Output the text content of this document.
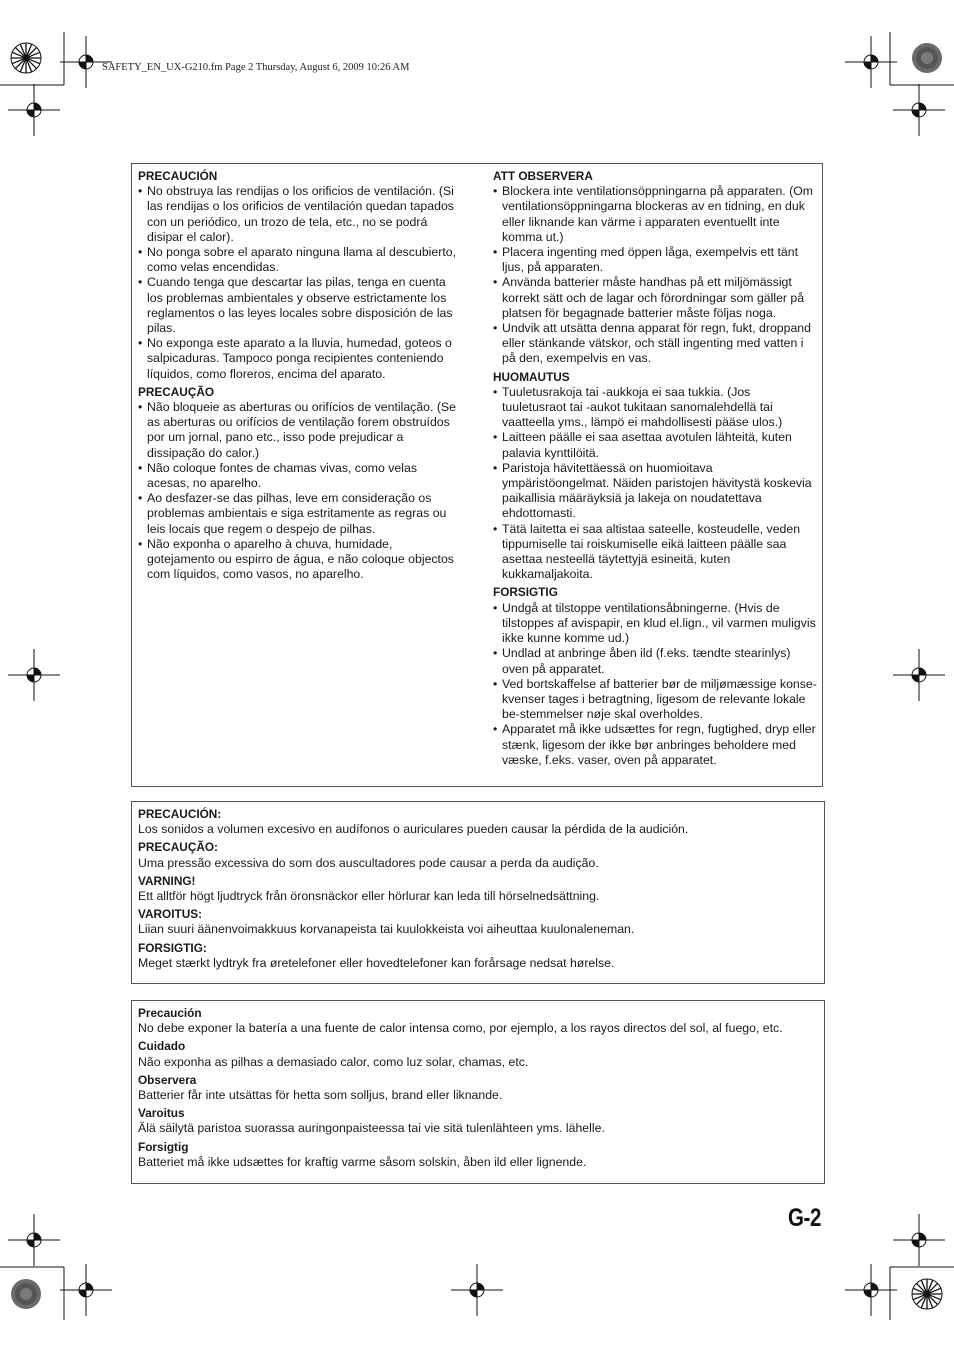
SAFETY_EN_UX-G210.fm Page 2 Thursday, August 6, 2009 10:26 AM

PRECAUCIÓN

• No obstruya las rendijas o los orificios de ventilación. (Si las rendijas o los orificios de ventilación quedan tapados con un periódico, un trozo de tela, etc., no se podrá disipar el calor).

• No ponga sobre el aparato ninguna llama al descubierto, como velas encendidas.

• Cuando tenga que descartar las pilas, tenga en cuenta los problemas ambientales y observe estrictamente los reglamentos o las leyes locales sobre disposición de las pilas.

• No exponga este aparato a la lluvia, humedad, goteos o salpicaduras. Tampoco ponga recipientes conteniendo líquidos, como floreros, encima del aparato.

PRECAUÇÃO

• Não bloqueie as aberturas ou orifícios de ventilação. (Se as aberturas ou orifícios de ventilação forem obstruídos por um jornal, pano etc., isso pode prejudicar a dissipação do calor.)

• Não coloque fontes de chamas vivas, como velas acesas, no aparelho.

• Ao desfazer-se das pilhas, leve em consideração os problemas ambientais e siga estritamente as regras ou leis locais que regem o despejo de pilhas.

• Não exponha o aparelho à chuva, humidade, gotejamento ou espirro de água, e não coloque objectos com líquidos, como vasos, no aparelho.

ATT OBSERVERA

• Blockera inte ventilationsöppningarna på apparaten. (Om ventilationsöppningarna blockeras av en tidning, en duk eller liknande kan värme i apparaten eventuellt inte komma ut.)

• Placera ingenting med öppen låga, exempelvis ett tänt ljus, på apparaten.

• Använda batterier måste handhas på ett miljömässigt korrekt sätt och de lagar och förordningar som gäller på platsen för begagnade batterier måste följas noga.

• Undvik att utsätta denna apparat för regn, fukt, droppand eller stänkande vätskor, och ställ ingenting med vatten i på den, exempelvis en vas.

HUOMAUTUS

• Tuuletusrakoja tai -aukkoja ei saa tukkia. (Jos tuuletusraot tai -aukot tukitaan sanomalehdellä tai vaatteella yms., lämpö ei mahdollisesti pääse ulos.)

• Laitteen päälle ei saa asettaa avotulen lähteitä, kuten palavia kynttilöitä.

• Paristoja hävitettäessä on huomioitava ympäristöongelmat. Näiden paristojen hävitystä koskevia paikallisia määräyksiä ja lakeja on noudatettava ehdottomasti.

• Tätä laitetta ei saa altistaa sateelle, kosteudelle, veden tippumiselle tai roiskumiselle eikä laitteen päälle saa asettaa nesteellä täytettyjä esineitä, kuten kukkamaljakoita.

FORSIGTIG

• Undgå at tilstoppe ventilationsåbningerne. (Hvis de tilstoppes af avispapir, en klud el.lign., vil varmen muligvis ikke kunne komme ud.)

• Undlad at anbringe åben ild (f.eks. tændte stearinlys) oven på apparatet.

• Ved bortskaffelse af batterier bør de miljømæssige konse-kvenser tages i betragtning, ligesom de relevante lokale be-stemmelser nøje skal overholdes.

• Apparatet må ikke udsættes for regn, fugtighed, dryp eller stænk, ligesom der ikke bør anbringes beholdere med væske, f.eks. vaser, oven på apparatet.

PRECAUCIÓN:

Los sonidos a volumen excesivo en audífonos o auriculares pueden causar la pérdida de la audición.

PRECAUÇÃO:

Uma pressão excessiva do som dos auscultadores pode causar a perda da audição.

VARNING!

Ett alltför högt ljudtryck från öronsnäckor eller hörlurar kan leda till hörselnedsättning.

VAROITUS:

Liian suuri äänenvoimakkuus korvanapeista tai kuulokkeista voi aiheuttaa kuulonaleneman.

FORSIGTIG:

Meget stærkt lydtryk fra øretelefoner eller hovedtelefoner kan forårsage nedsat hørelse.

Precaución

No debe exponer la batería a una fuente de calor intensa como, por ejemplo, a los rayos directos del sol, al fuego, etc.

Cuidado

Não exponha as pilhas a demasiado calor, como luz solar, chamas, etc.

Observera

Batterier får inte utsättas för hetta som solljus, brand eller liknande.

Varoitus

Älä säilytä paristoa suorassa auringonpaisteessa tai vie sitä tulenlähteen yms. lähelle.

Forsigtig

Batteriet må ikke udsættes for kraftig varme såsom solskin, åben ild eller lignende.

G-2
